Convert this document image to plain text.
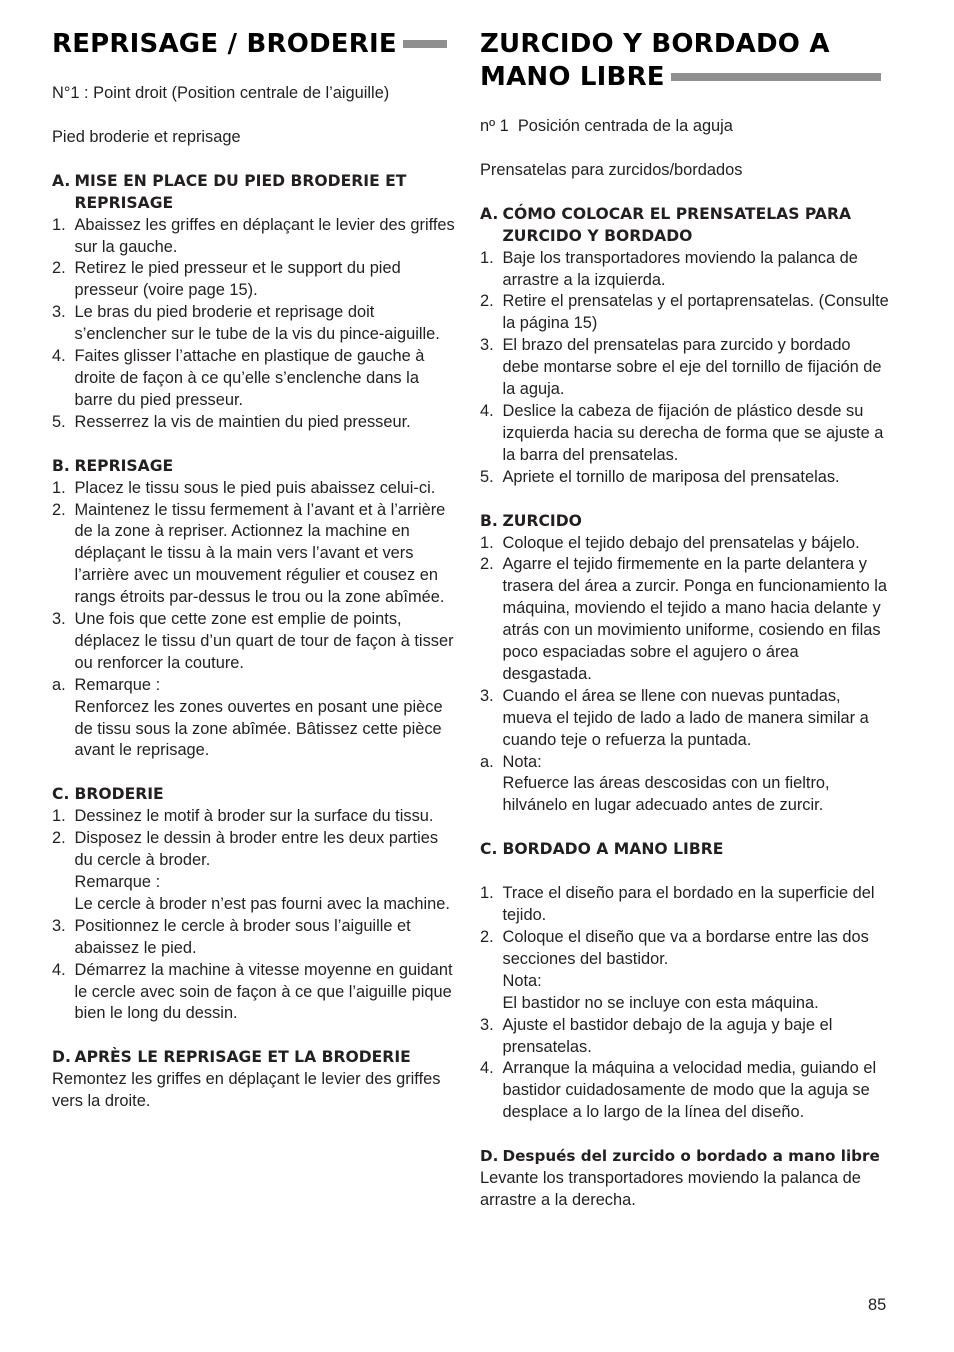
REPRISAGE / BRODERIE

N°1 : Point droit (Position centrale de l’aiguille)

Pied broderie et reprisage

A. MISE EN PLACE DU PIED BRODERIE ET REPRISAGE
1. Abaissez les griffes en déplaçant le levier des griffes sur la gauche.
2. Retirez le pied presseur et le support du pied presseur (voire page 15).
3. Le bras du pied broderie et reprisage doit s’enclencher sur le tube de la vis du pince-aiguille.
4. Faites glisser l’attache en plastique de gauche à droite de façon à ce qu’elle s’enclenche dans la barre du pied presseur.
5. Resserrez la vis de maintien du pied presseur.
B. REPRISAGE
1. Placez le tissu sous le pied puis abaissez celui-ci.
2. Maintenez le tissu fermement à l’avant et à l’arrière de la zone à repriser. Actionnez la machine en déplaçant le tissu à la main vers l’avant et vers l’arrière avec un mouvement régulier et cousez en rangs étroits par-dessus le trou ou la zone abîmée.
3. Une fois que cette zone est emplie de points, déplacez le tissu d’un quart de tour de façon à tisser ou renforcer la couture.
a. Remarque :

Renforcez les zones ouvertes en posant une pièce de tissu sous la zone abîmée. Bâtissez cette pièce avant le reprisage.

C. BRODERIE
1. Dessinez le motif à broder sur la surface du tissu.
2. Disposez le dessin à broder entre les deux parties du cercle à broder.

Remarque :

Le cercle à broder n’est pas fourni avec la machine.

3. Positionnez le cercle à broder sous l’aiguille et abaissez le pied.
4. Démarrez la machine à vitesse moyenne en guidant le cercle avec soin de façon à ce que l’aiguille pique bien le long du dessin.
D. APRÈS LE REPRISAGE ET LA BRODERIE

Remontez les griffes en déplaçant le levier des griffes vers la droite.

ZURCIDO Y BORDADO A MANO LIBRE

nº 1  Posición centrada de la aguja

Prensatelas para zurcidos/bordados

A. CÓMO COLOCAR EL PRENSATELAS PARA ZURCIDO Y BORDADO
1. Baje los transportadores moviendo la palanca de arrastre a la izquierda.
2. Retire el prensatelas y el portaprensatelas. (Consulte la página 15)
3. El brazo del prensatelas para zurcido y bordado debe montarse sobre el eje del tornillo de fijación de la aguja.
4. Deslice la cabeza de fijación de plástico desde su izquierda hacia su derecha de forma que se ajuste a la barra del prensatelas.
5. Apriete el tornillo de mariposa del prensatelas.
B. ZURCIDO
1. Coloque el tejido debajo del prensatelas y bájelo.
2. Agarre el tejido firmemente en la parte delantera y trasera del área a zurcir. Ponga en funcionamiento la máquina, moviendo el tejido a mano hacia delante y atrás con un movimiento uniforme, cosiendo en filas poco espaciadas sobre el agujero o área desgastada.
3. Cuando el área se llene con nuevas puntadas, mueva el tejido de lado a lado de manera similar a cuando teje o refuerza la puntada.
a. Nota:

Refuerce las áreas descosidas con un fieltro, hilvánelo en lugar adecuado antes de zurcir.

C. BORDADO A MANO LIBRE
1. Trace el diseño para el bordado en la superficie del tejido.
2. Coloque el diseño que va a bordarse entre las dos secciones del bastidor.

Nota:

El bastidor no se incluye con esta máquina.

3. Ajuste el bastidor debajo de la aguja y baje el prensatelas.
4. Arranque la máquina a velocidad media, guiando el bastidor cuidadosamente de modo que la aguja se desplace a lo largo de la línea del diseño.
D. Después del zurcido o bordado a mano libre

Levante los transportadores moviendo la palanca de arrastre a la derecha.

85
